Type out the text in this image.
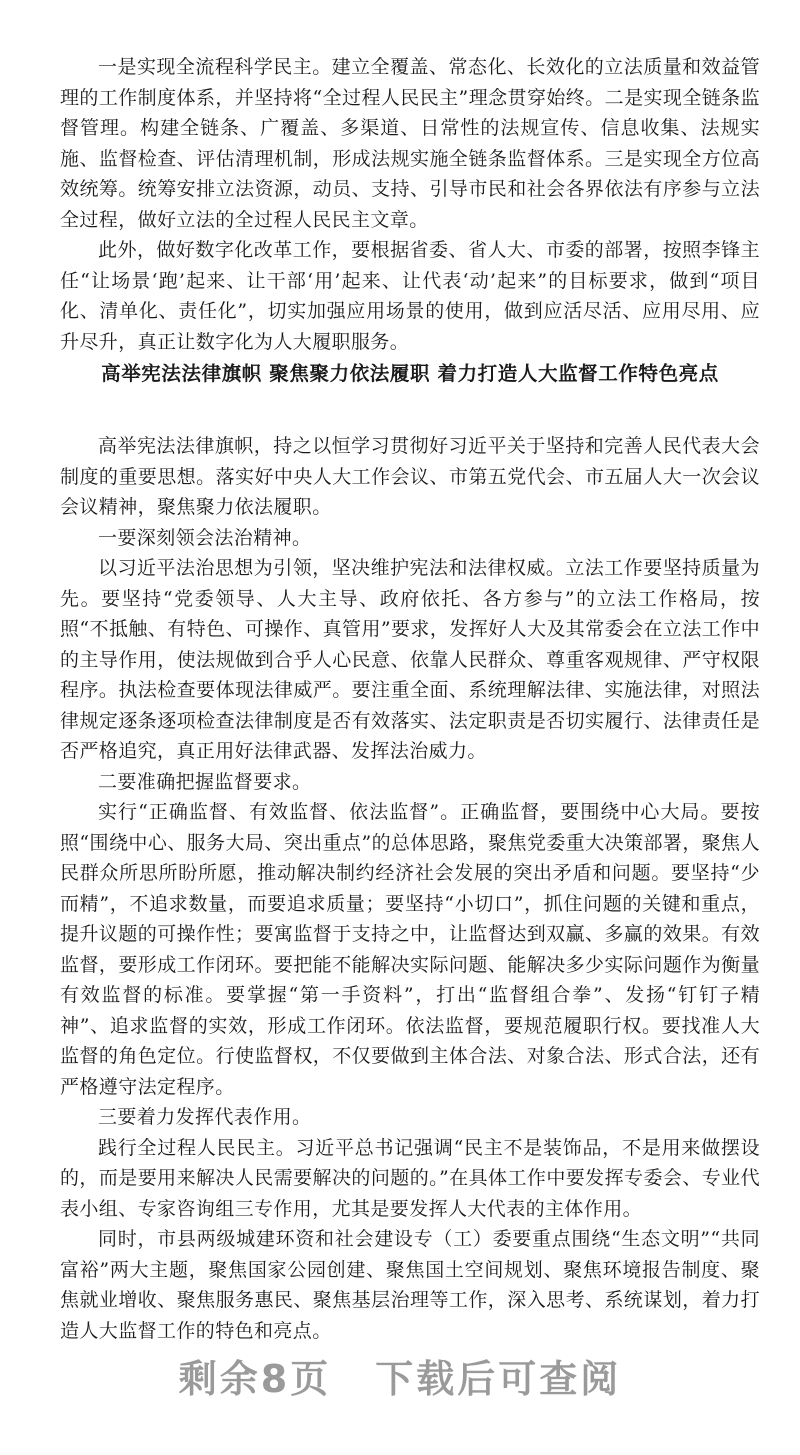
一是实现全流程科学民主。建立全覆盖、常态化、长效化的立法质量和效益管理的工作制度体系，并坚持将“全过程人民民主”理念贯穿始终。二是实现全链条监督管理。构建全链条、广覆盖、多渠道、日常性的法规宣传、信息收集、法规实施、监督检查、评估清理机制，形成法规实施全链条监督体系。三是实现全方位高效统筹。统筹安排立法资源，动员、支持、引导市民和社会各界依法有序参与立法全过程，做好立法的全过程人民民主文章。

此外，做好数字化改革工作，要根据省委、省人大、市委的部署，按照李锋主任“让场景‘跑’起来、让干部‘用’起来、让代表‘动’起来”的目标要求，做到“项目化、清单化、责任化”，切实加强应用场景的使用，做到应活尽活、应用尽用、应升尽升，真正让数字化为人大履职服务。

高举宪法法律旗帜 聚焦聚力依法履职 着力打造人大监督工作特色亮点

高举宪法法律旗帜，持之以恒学习贯彻好习近平关于坚持和完善人民代表大会制度的重要思想。落实好中央人大工作会议、市第五党代会、市五届人大一次会议会议精神，聚焦聚力依法履职。

一要深刻领会法治精神。

以习近平法治思想为引领，坚决维护宪法和法律权威。立法工作要坚持质量为先。要坚持“党委领导、人大主导、政府依托、各方参与”的立法工作格局，按照“不抵触、有特色、可操作、真管用”要求，发挥好人大及其常委会在立法工作中的主导作用，使法规做到合乎人心民意、依靠人民群众、尊重客观规律、严守权限程序。执法检查要体现法律威严。要注重全面、系统理解法律、实施法律，对照法律规定逐条逐项检查法律制度是否有效落实、法定职责是否切实履行、法律责任是否严格追究，真正用好法律武器、发挥法治威力。

二要准确把握监督要求。

实行“正确监督、有效监督、依法监督”。正确监督，要围绕中心大局。要按照“围绕中心、服务大局、突出重点”的总体思路，聚焦党委重大决策部署，聚焦人民群众所思所盼所愿，推动解决制约经济社会发展的突出矛盾和问题。要坚持“少而精”，不追求数量，而要追求质量；要坚持“小切口”，抓住问题的关键和重点，提升议题的可操作性；要寓监督于支持之中，让监督达到双赢、多赢的效果。有效监督，要形成工作闭环。要把能不能解决实际问题、能解决多少实际问题作为衡量有效监督的标准。要掌握“第一手资料”，打出“监督组合拳”、发扬“钉钉子精神”、追求监督的实效，形成工作闭环。依法监督，要规范履职行权。要找准人大监督的角色定位。行使监督权，不仅要做到主体合法、对象合法、形式合法，还有严格遵守法定程序。

三要着力发挥代表作用。

践行全过程人民民主。习近平总书记强调“民主不是装饰品，不是用来做摆设的，而是要用来解决人民需要解决的问题的。”在具体工作中要发挥专委会、专业代表小组、专家咨询组三专作用，尤其是要发挥人大代表的主体作用。

同时，市县两级城建环资和社会建设专（工）委要重点围绕“生态文明”“共同富裕”两大主题，聚焦国家公园创建、聚焦国土空间规划、聚焦环境报告制度、聚焦就业增收、聚焦服务惠民、聚焦基层治理等工作，深入思考、系统谋划，着力打造人大监督工作的特色和亮点。

剩余8页 下载后可查阅
